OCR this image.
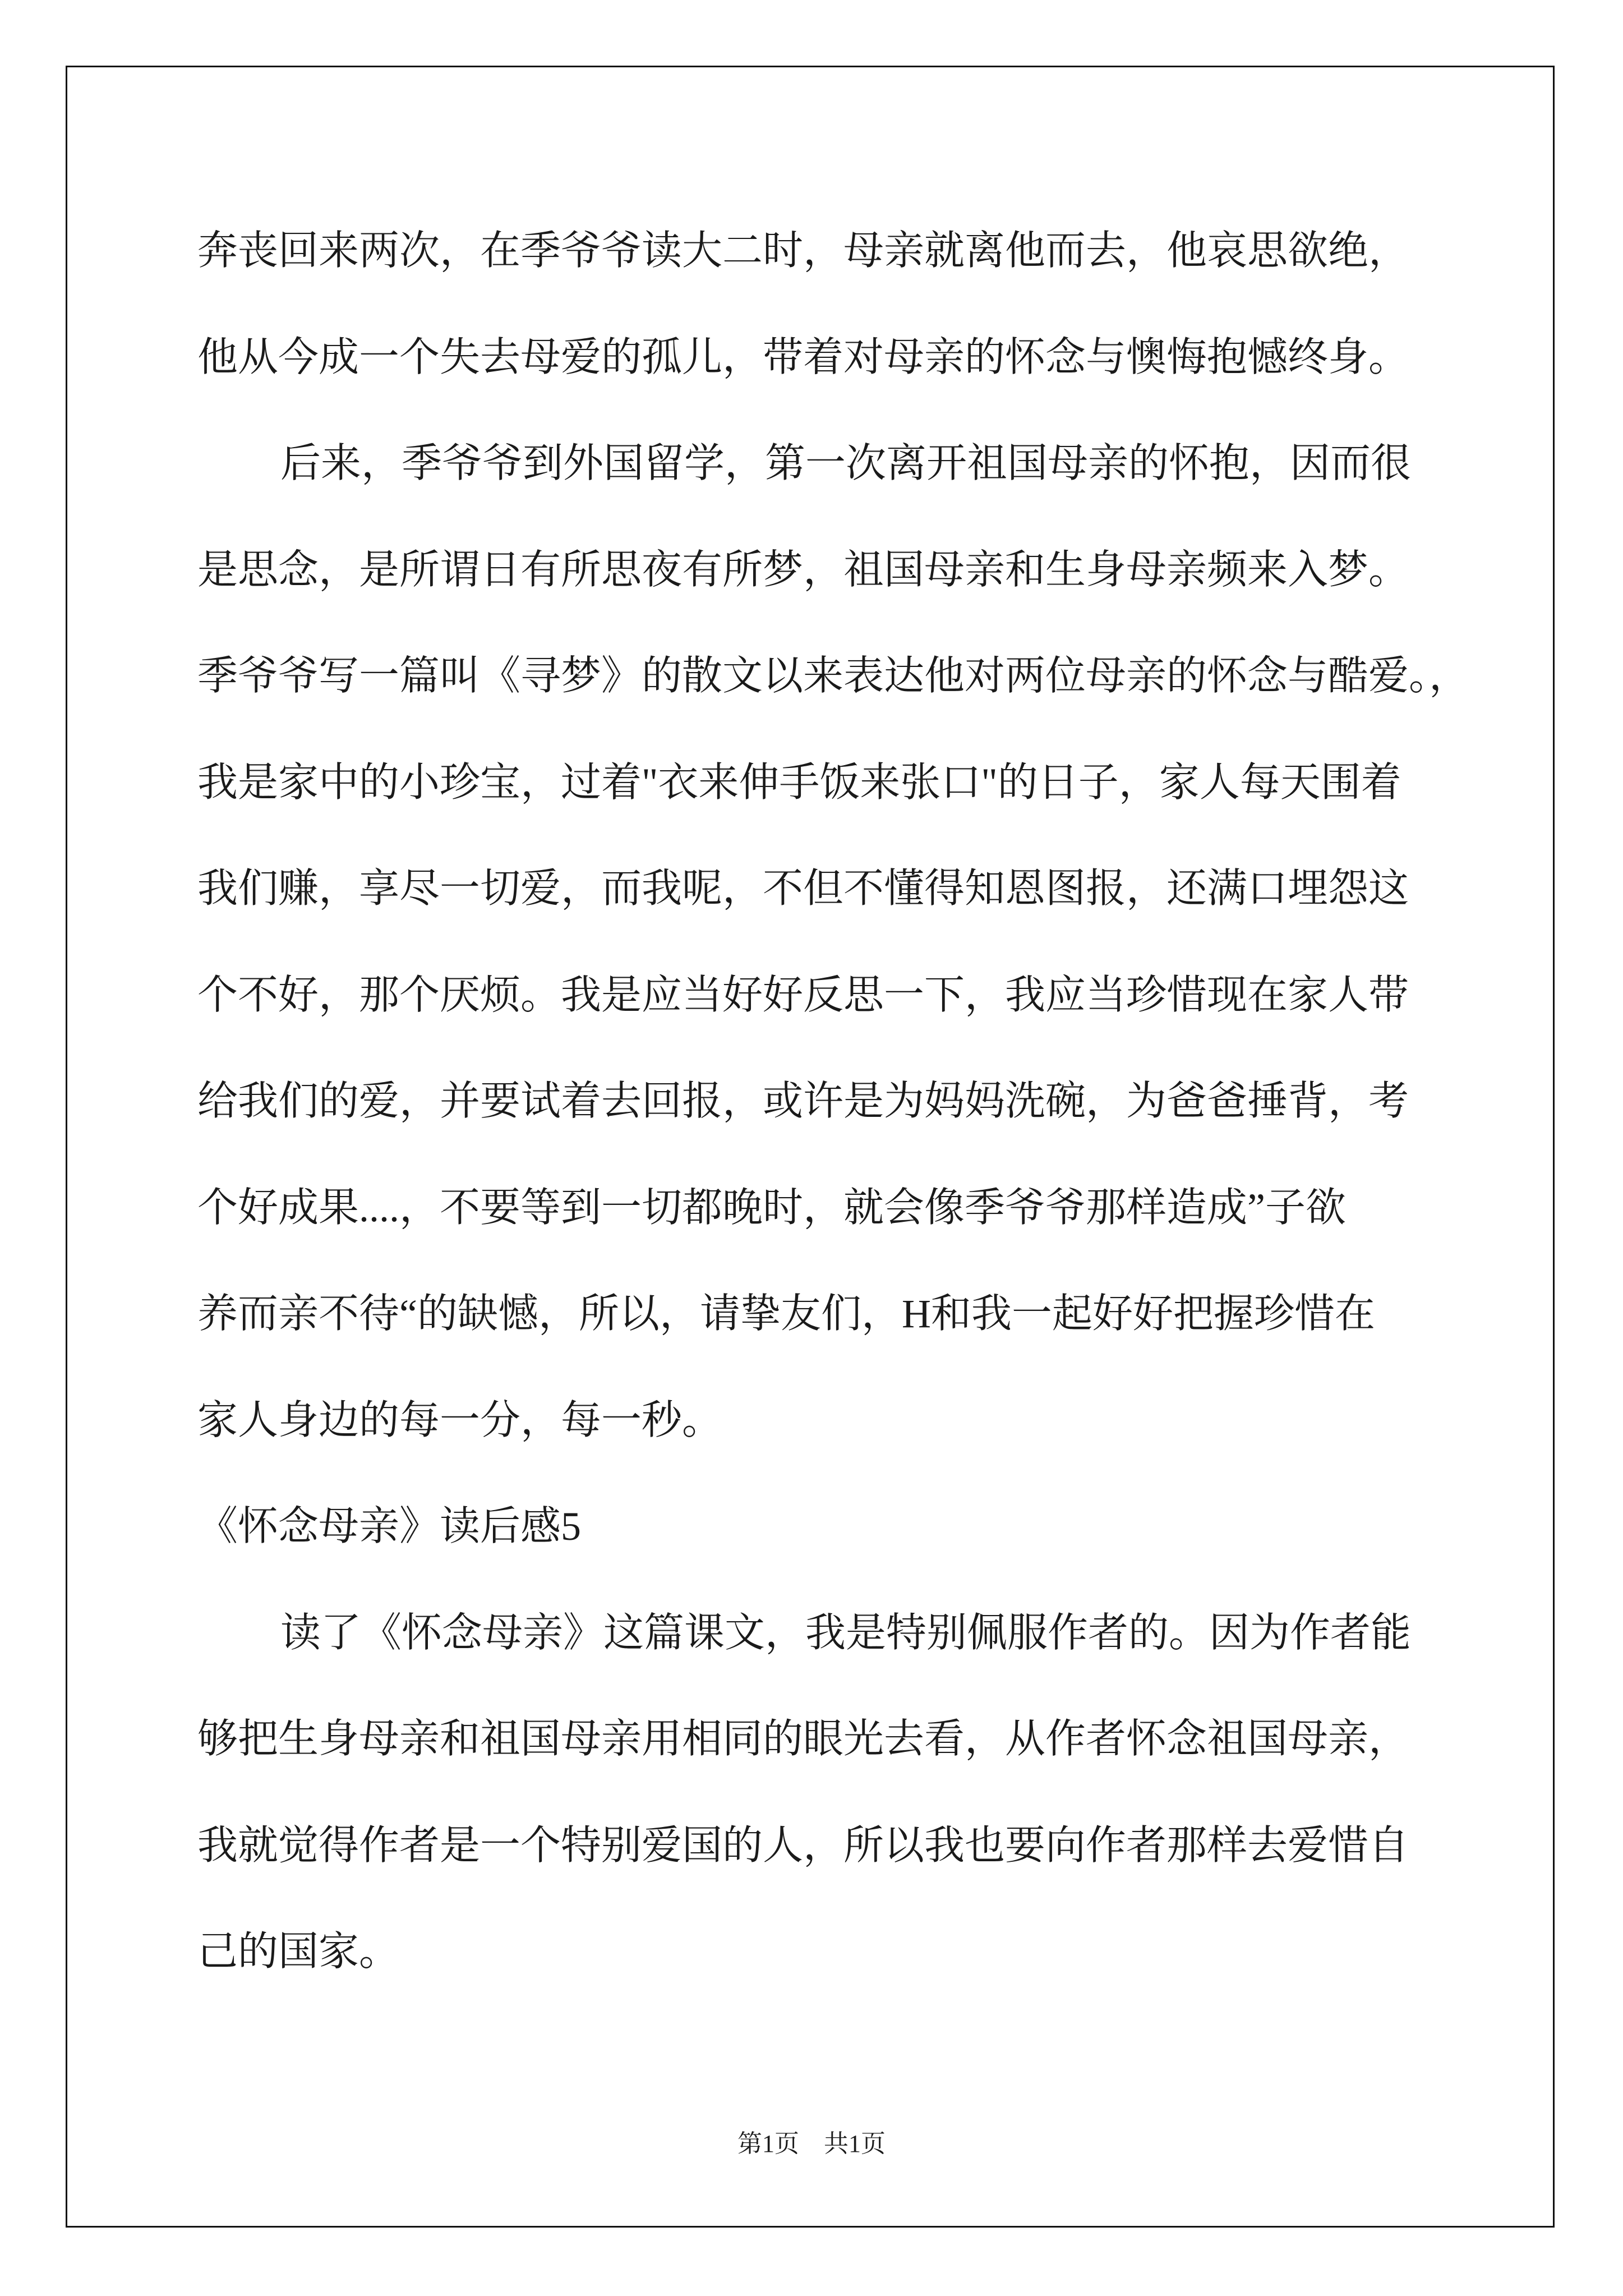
奔丧回来两次，在季爷爷读大二时，母亲就离他而去，他哀思欲绝，
他从今成一个失去母爱的孤儿，带着对母亲的怀念与懊悔抱憾终身。
后来，季爷爷到外国留学，第一次离开祖国母亲的怀抱，因而很
是思念，是所谓日有所思夜有所梦，祖国母亲和生身母亲频来入梦。
季爷爷写一篇叫《寻梦》的散文以来表达他对两位母亲的怀念与酷爱。，
我是家中的小珍宝，过着"衣来伸手饭来张口"的日子，家人每天围着
我们赚，享尽一切爱，而我呢，不但不懂得知恩图报，还满口埋怨这
个不好，那个厌烦。我是应当好好反思一下，我应当珍惜现在家人带
给我们的爱，并要试着去回报，或许是为妈妈洗碗，为爸爸捶背，考
个好成果....，不要等到一切都晚时，就会像季爷爷那样造成”子欲
养而亲不待“的缺憾，所以，请挚友们，H和我一起好好把握珍惜在
家人身边的每一分，每一秒。
《怀念母亲》读后感5
读了《怀念母亲》这篇课文，我是特别佩服作者的。因为作者能
够把生身母亲和祖国母亲用相同的眼光去看，从作者怀念祖国母亲，
我就觉得作者是一个特别爱国的人，所以我也要向作者那样去爱惜自
己的国家。
第1页 共1页
